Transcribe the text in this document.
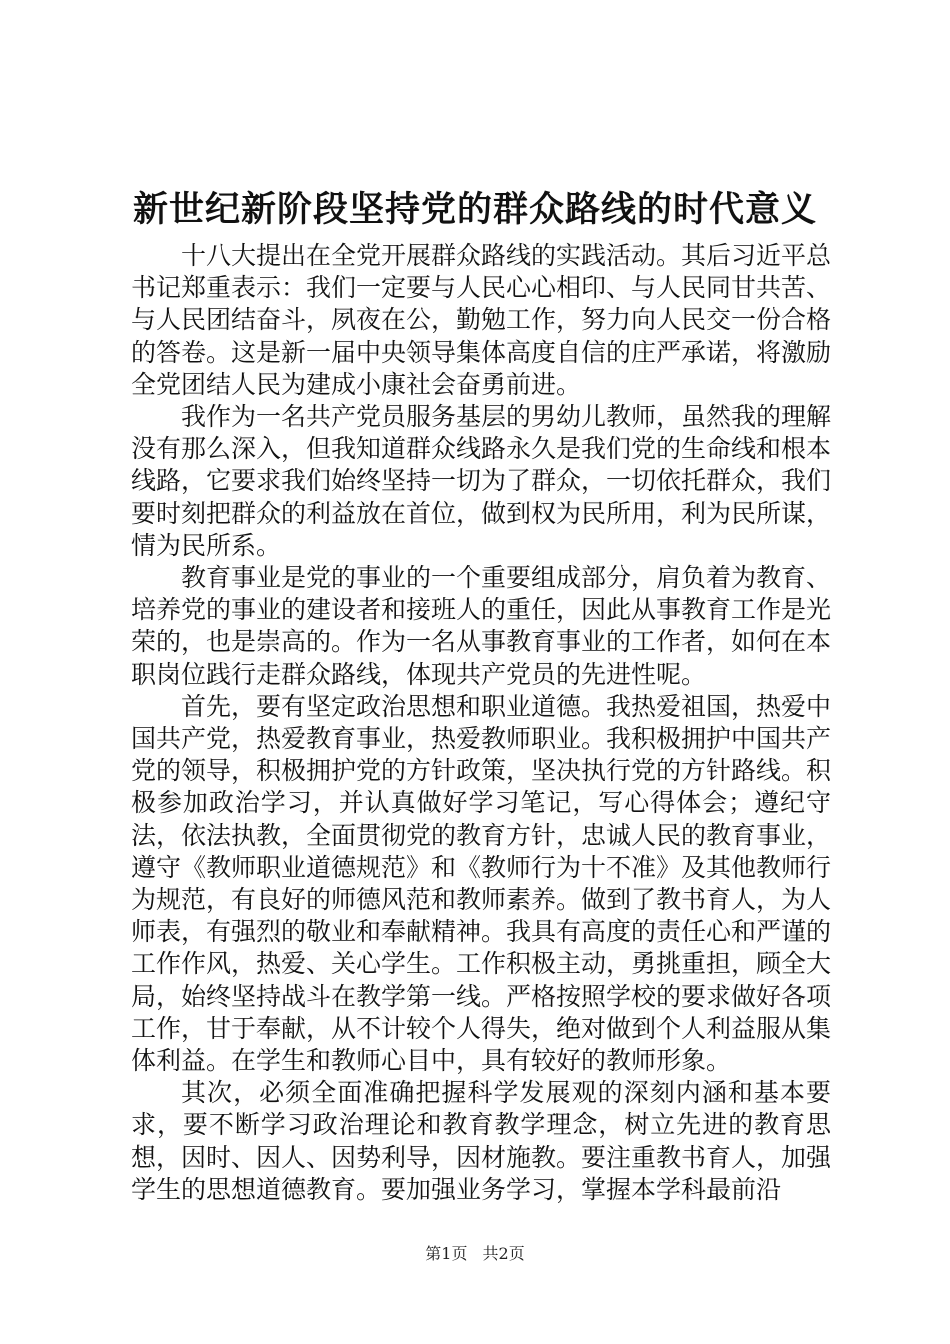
新世纪新阶段坚持党的群众路线的时代意义

十八大提出在全党开展群众路线的实践活动。其后习近平总书记郑重表示：我们一定要与人民心心相印、与人民同甘共苦、与人民团结奋斗，夙夜在公，勤勉工作，努力向人民交一份合格的答卷。这是新一届中央领导集体高度自信的庄严承诺，将激励全党团结人民为建成小康社会奋勇前进。

我作为一名共产党员服务基层的男幼儿教师，虽然我的理解没有那么深入，但我知道群众线路永久是我们党的生命线和根本线路，它要求我们始终坚持一切为了群众，一切依托群众，我们要时刻把群众的利益放在首位，做到权为民所用，利为民所谋，情为民所系。

教育事业是党的事业的一个重要组成部分，肩负着为教育、培养党的事业的建设者和接班人的重任，因此从事教育工作是光荣的，也是崇高的。作为一名从事教育事业的工作者，如何在本职岗位践行走群众路线，体现共产党员的先进性呢。

首先，要有坚定政治思想和职业道德。我热爱祖国，热爱中国共产党，热爱教育事业，热爱教师职业。我积极拥护中国共产党的领导，积极拥护党的方针政策，坚决执行党的方针路线。积极参加政治学习，并认真做好学习笔记，写心得体会；遵纪守法，依法执教，全面贯彻党的教育方针，忠诚人民的教育事业，遵守《教师职业道德规范》和《教师行为十不准》及其他教师行为规范，有良好的师德风范和教师素养。做到了教书育人，为人师表，有强烈的敬业和奉献精神。我具有高度的责任心和严谨的工作作风，热爱、关心学生。工作积极主动，勇挑重担，顾全大局，始终坚持战斗在教学第一线。严格按照学校的要求做好各项工作，甘于奉献，从不计较个人得失，绝对做到个人利益服从集体利益。在学生和教师心目中，具有较好的教师形象。

其次，必须全面准确把握科学发展观的深刻内涵和基本要求，要不断学习政治理论和教育教学理念，树立先进的教育思想，因时、因人、因势利导，因材施教。要注重教书育人，加强学生的思想道德教育。要加强业务学习，掌握本学科最前沿

第1页 共2页
